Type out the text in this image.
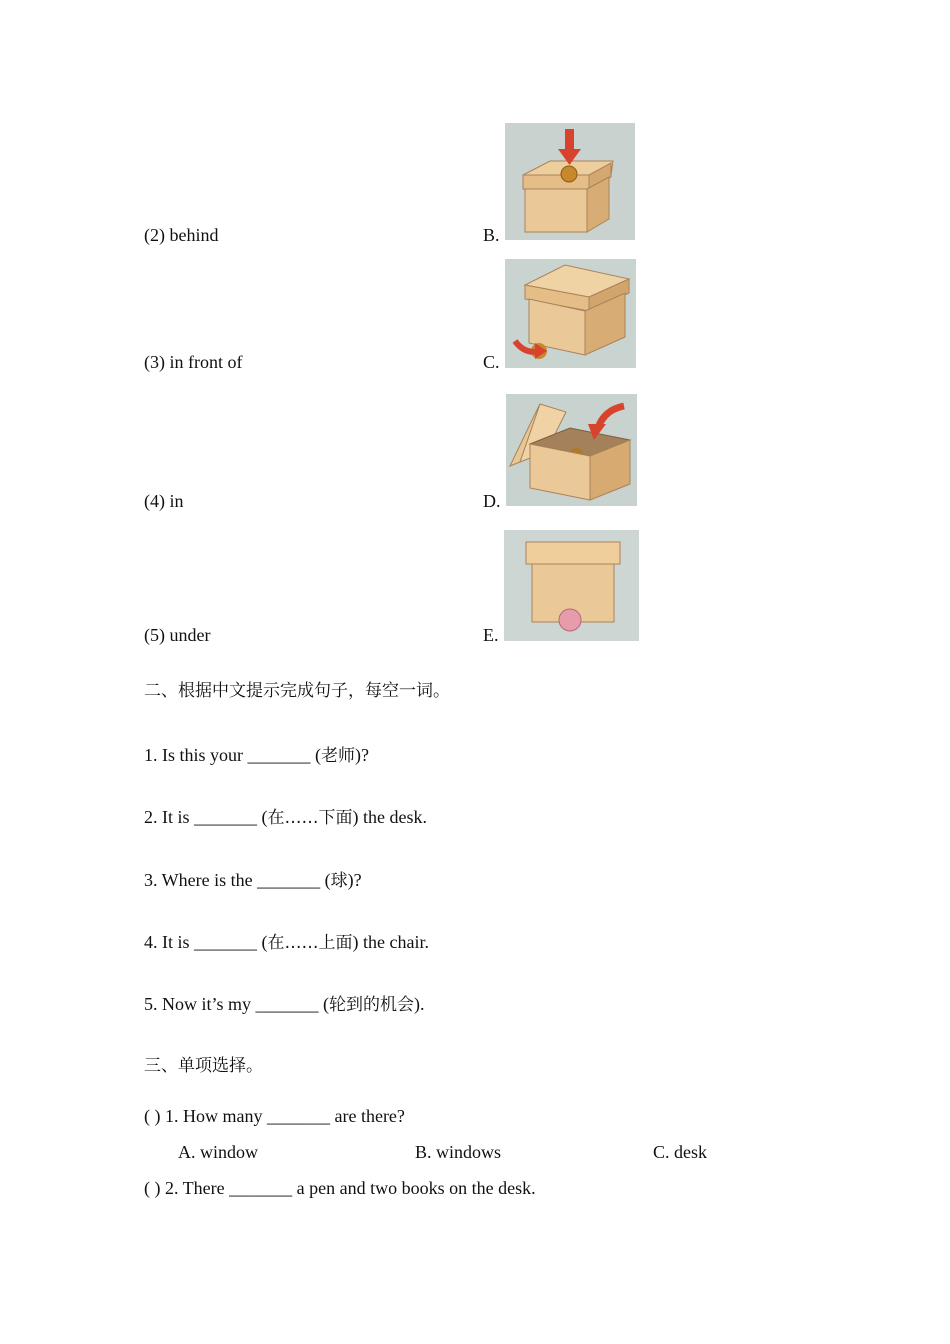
(2) behind	B.
(3) in front of	C.
(4) in	D.
(5) under	E.
二、根据中文提示完成句子，每空一词。
1. Is this your _______ (老师)?
2. It is _______ (在……下面) the desk.
3. Where is the _______ (球)?
4. It is _______ (在……上面) the chair.
5. Now it’s my _______ (轮到的机会).
三、单项选择。
( ) 1. How many _______ are there?
A. window	B. windows	C. desk
( ) 2. There _______ a pen and two books on the desk.
